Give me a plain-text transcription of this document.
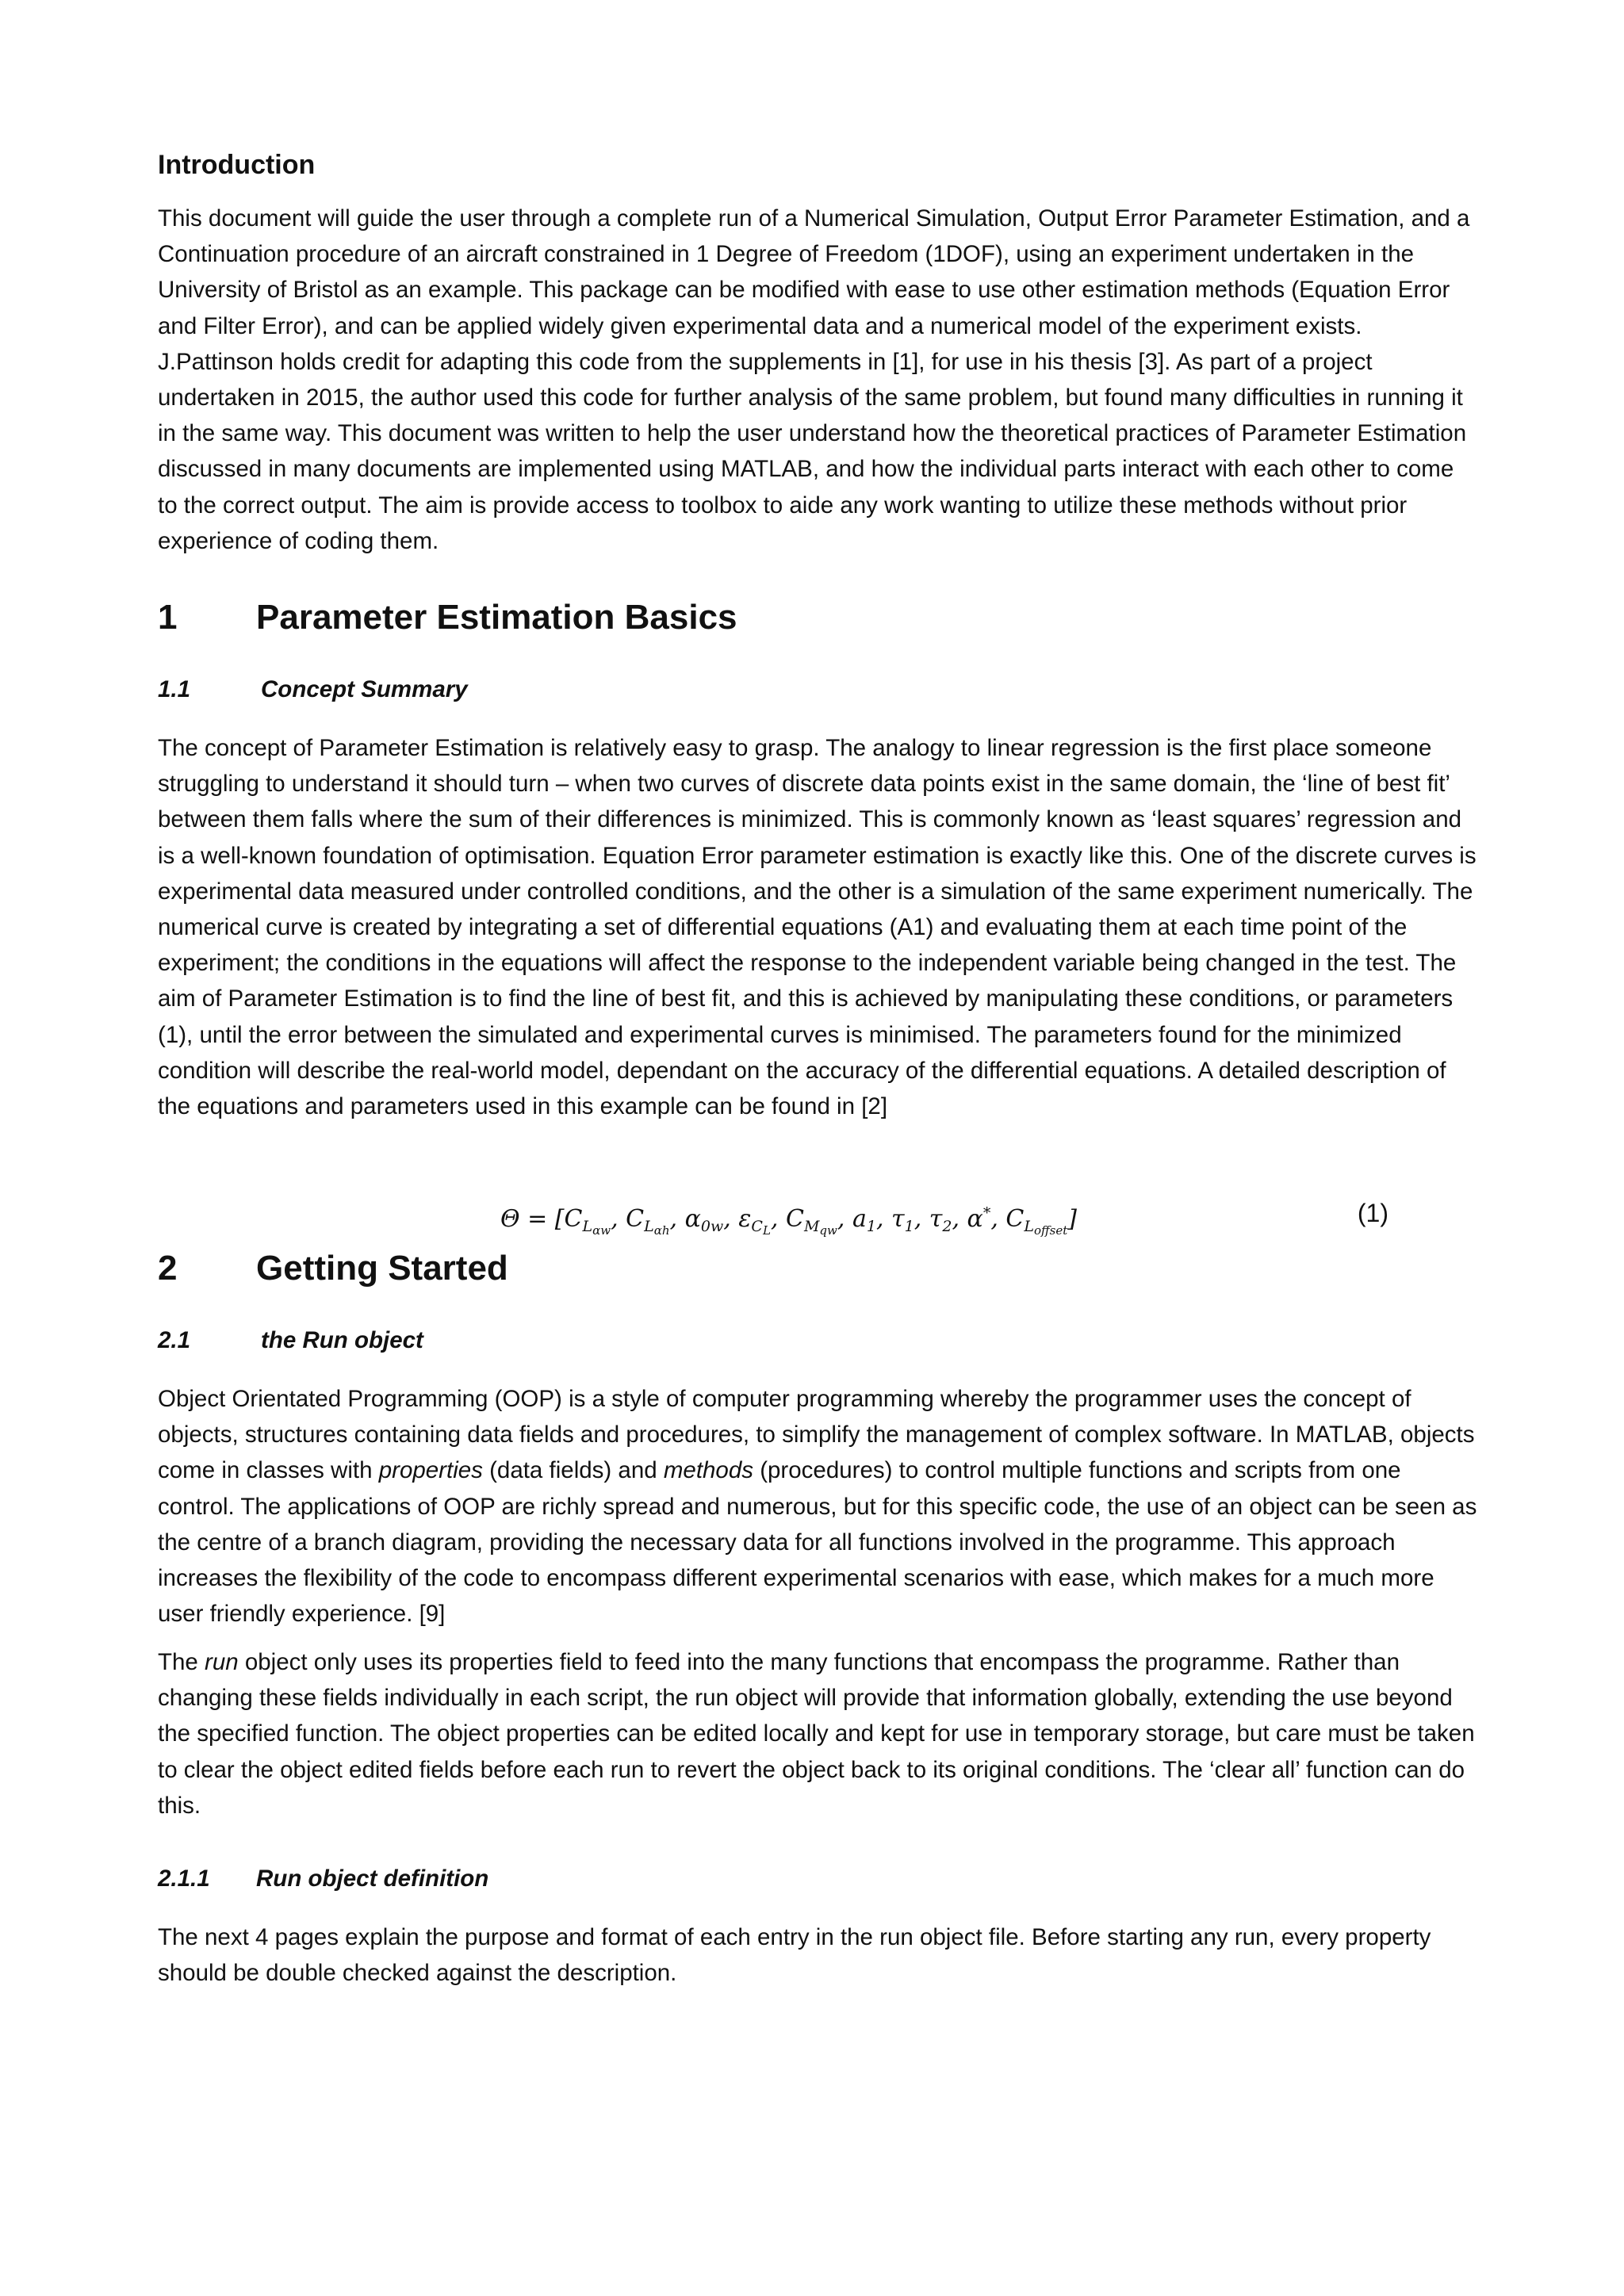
Introduction

This document will guide the user through a complete run of a Numerical Simulation, Output Error Parameter Estimation, and a Continuation procedure of an aircraft constrained in 1 Degree of Freedom (1DOF), using an experiment undertaken in the University of Bristol as an example. This package can be modified with ease to use other estimation methods (Equation Error and Filter Error), and can be applied widely given experimental data and a numerical model of the experiment exists. J.Pattinson holds credit for adapting this code from the supplements in [1], for use in his thesis [3]. As part of a project undertaken in 2015, the author used this code for further analysis of the same problem, but found many difficulties in running it in the same way. This document was written to help the user understand how the theoretical practices of Parameter Estimation discussed in many documents are implemented using MATLAB, and how the individual parts interact with each other to come to the correct output. The aim is provide access to toolbox to aide any work wanting to utilize these methods without prior experience of coding them.

1 Parameter Estimation Basics
1.1	Concept Summary

The concept of Parameter Estimation is relatively easy to grasp. The analogy to linear regression is the first place someone struggling to understand it should turn – when two curves of discrete data points exist in the same domain, the ‘line of best fit’ between them falls where the sum of their differences is minimized. This is commonly known as ‘least squares’ regression and is a well-known foundation of optimisation. Equation Error parameter estimation is exactly like this. One of the discrete curves is experimental data measured under controlled conditions, and the other is a simulation of the same experiment numerically. The numerical curve is created by integrating a set of differential equations (A1) and evaluating them at each time point of the experiment; the conditions in the equations will affect the response to the independent variable being changed in the test. The aim of Parameter Estimation is to find the line of best fit, and this is achieved by manipulating these conditions, or parameters (1), until the error between the simulated and experimental curves is minimised. The parameters found for the minimized condition will describe the real-world model, dependant on the accuracy of the differential equations. A detailed description of the equations and parameters used in this example can be found in [2]

$\Theta = [C_{L_{\alpha w}}$, $C_{L_{\alpha h}}$, $\alpha_{0w}$, $\varepsilon_{C_L}$, $C_{M_{qw}}$, $a_1$, $\tau_1$, $\tau_2$, α*, $C_{L_{offset}}$]	(1)
2 Getting Started
2.1	the Run object

Object Orientated Programming (OOP) is a style of computer programming whereby the programmer uses the concept of objects, structures containing data fields and procedures, to simplify the management of complex software. In MATLAB, objects come in classes with properties (data fields) and methods (procedures) to control multiple functions and scripts from one control. The applications of OOP are richly spread and numerous, but for this specific code, the use of an object can be seen as the centre of a branch diagram, providing the necessary data for all functions involved in the programme. This approach increases the flexibility of the code to encompass different experimental scenarios with ease, which makes for a much more user friendly experience. [9]

The run object only uses its properties field to feed into the many functions that encompass the programme. Rather than changing these fields individually in each script, the run object will provide that information globally, extending the use beyond the specified function. The object properties can be edited locally and kept for use in temporary storage, but care must be taken to clear the object edited fields before each run to revert the object back to its original conditions. The ‘clear all’ function can do this.

2.1.1 Run object definition

The next 4 pages explain the purpose and format of each entry in the run object file. Before starting any run, every property should be double checked against the description.
